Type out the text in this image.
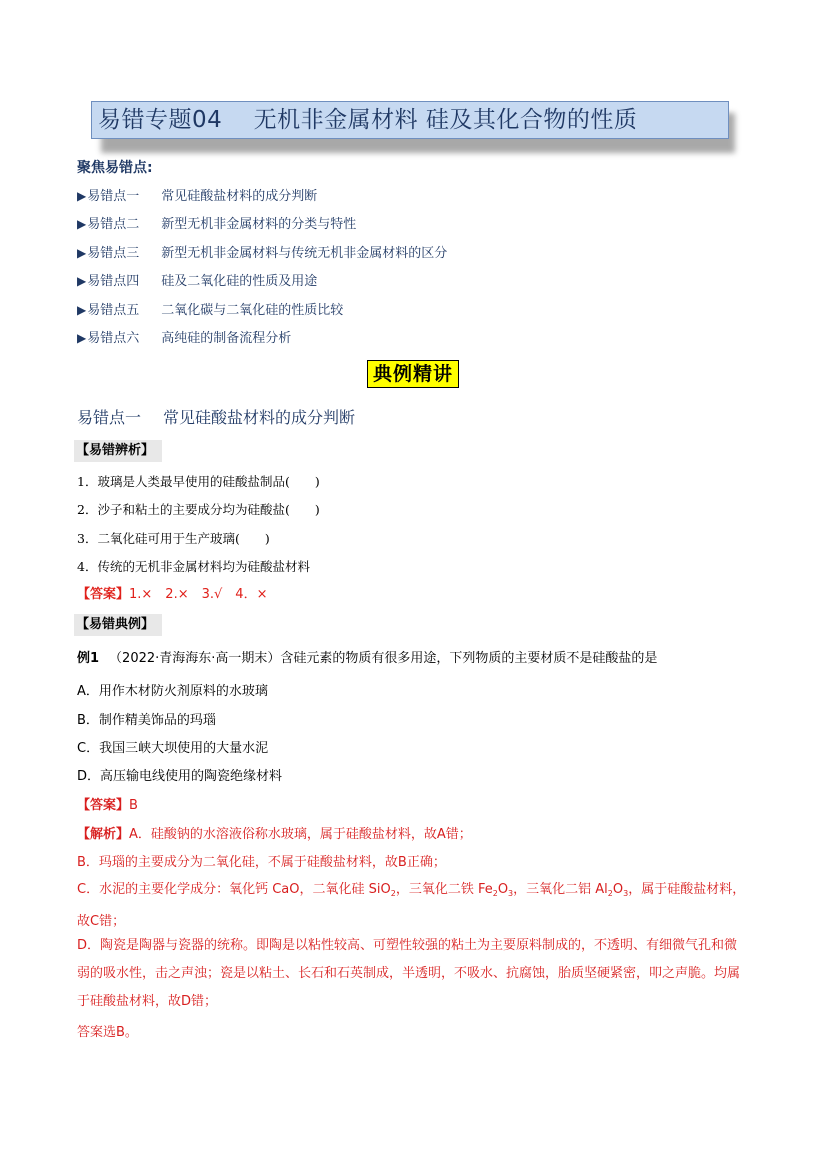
易错专题04　 无机非金属材料 硅及其化合物的性质
聚焦易错点:
▶易错点一 常见硅酸盐材料的成分判断
▶易错点二 新型无机非金属材料的分类与特性
▶易错点三 新型无机非金属材料与传统无机非金属材料的区分
▶易错点四 硅及二氧化硅的性质及用途
▶易错点五 二氧化碳与二氧化硅的性质比较
▶易错点六 高纯硅的制备流程分析
典例精讲
易错点一 常见硅酸盐材料的成分判断
【易错辨析】
1．玻璃是人类最早使用的硅酸盐制品(　　)
2．沙子和粘土的主要成分均为硅酸盐(　　)
3．二氧化硅可用于生产玻璃(　　)
4．传统的无机非金属材料均为硅酸盐材料
【答案】1.×　2.×　3.√　4．×
【易错典例】
例1 （2022·青海海东·高一期末）含硅元素的物质有很多用途，下列物质的主要材质不是硅酸盐的是
A．用作木材防火剂原料的水玻璃
B．制作精美饰品的玛瑙
C．我国三峡大坝使用的大量水泥
D．高压输电线使用的陶瓷绝缘材料
【答案】B
【解析】A．硅酸钠的水溶液俗称水玻璃，属于硅酸盐材料，故A错；
B．玛瑙的主要成分为二氧化硅，不属于硅酸盐材料，故B正确；
C．水泥的主要化学成分：氧化钙 CaO，二氧化硅 SiO$_2$，三氧化二铁 $Fe_2O_3$，三氧化二铝 $Al_2O_3$，属于硅酸盐材料，故C错；
D．陶瓷是陶器与瓷器的统称。即陶是以粘性较高、可塑性较强的粘土为主要原料制成的，不透明、有细微气孔和微弱的吸水性，击之声浊；瓷是以粘土、长石和石英制成，半透明，不吸水、抗腐蚀，胎质坚硬紧密，叩之声脆。均属于硅酸盐材料，故D错；
答案选B。
